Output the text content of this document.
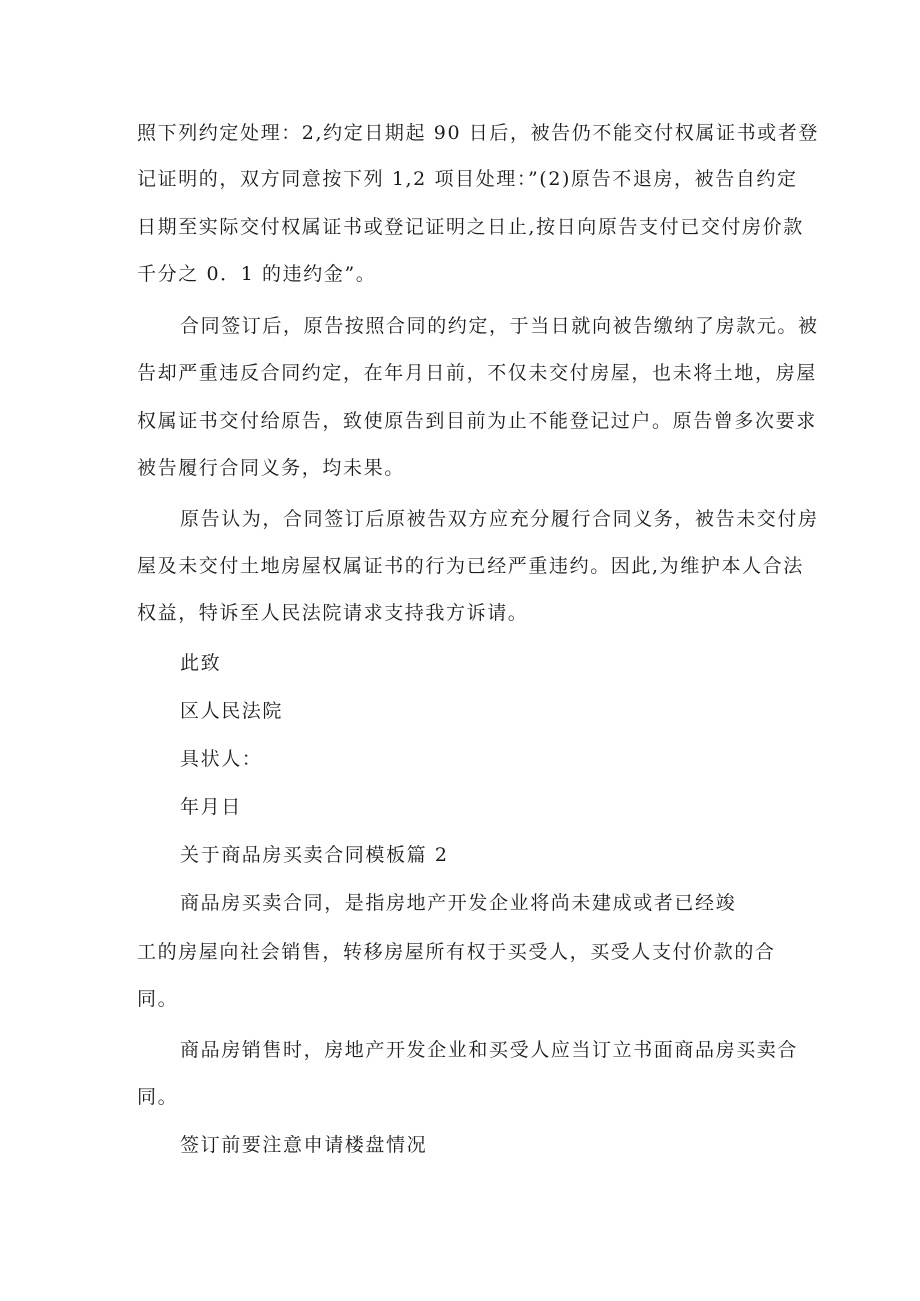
照下列约定处理：2,约定日期起 90 日后，被告仍不能交付权属证书或者登
记证明的，双方同意按下列 1,2 项目处理：”(2)原告不退房，被告自约定
日期至实际交付权属证书或登记证明之日止,按日向原告支付已交付房价款
千分之 0．1 的违约金”。
合同签订后，原告按照合同的约定，于当日就向被告缴纳了房款元。被
告却严重违反合同约定，在年月日前，不仅未交付房屋，也未将土地，房屋
权属证书交付给原告，致使原告到目前为止不能登记过户。原告曾多次要求
被告履行合同义务，均未果。
原告认为，合同签订后原被告双方应充分履行合同义务，被告未交付房
屋及未交付土地房屋权属证书的行为已经严重违约。因此,为维护本人合法
权益，特诉至人民法院请求支持我方诉请。
此致
区人民法院
具状人：
年月日
关于商品房买卖合同模板篇 2
商品房买卖合同，是指房地产开发企业将尚未建成或者已经竣
工的房屋向社会销售，转移房屋所有权于买受人，买受人支付价款的合
同。
商品房销售时，房地产开发企业和买受人应当订立书面商品房买卖合
同。
签订前要注意申请楼盘情况
